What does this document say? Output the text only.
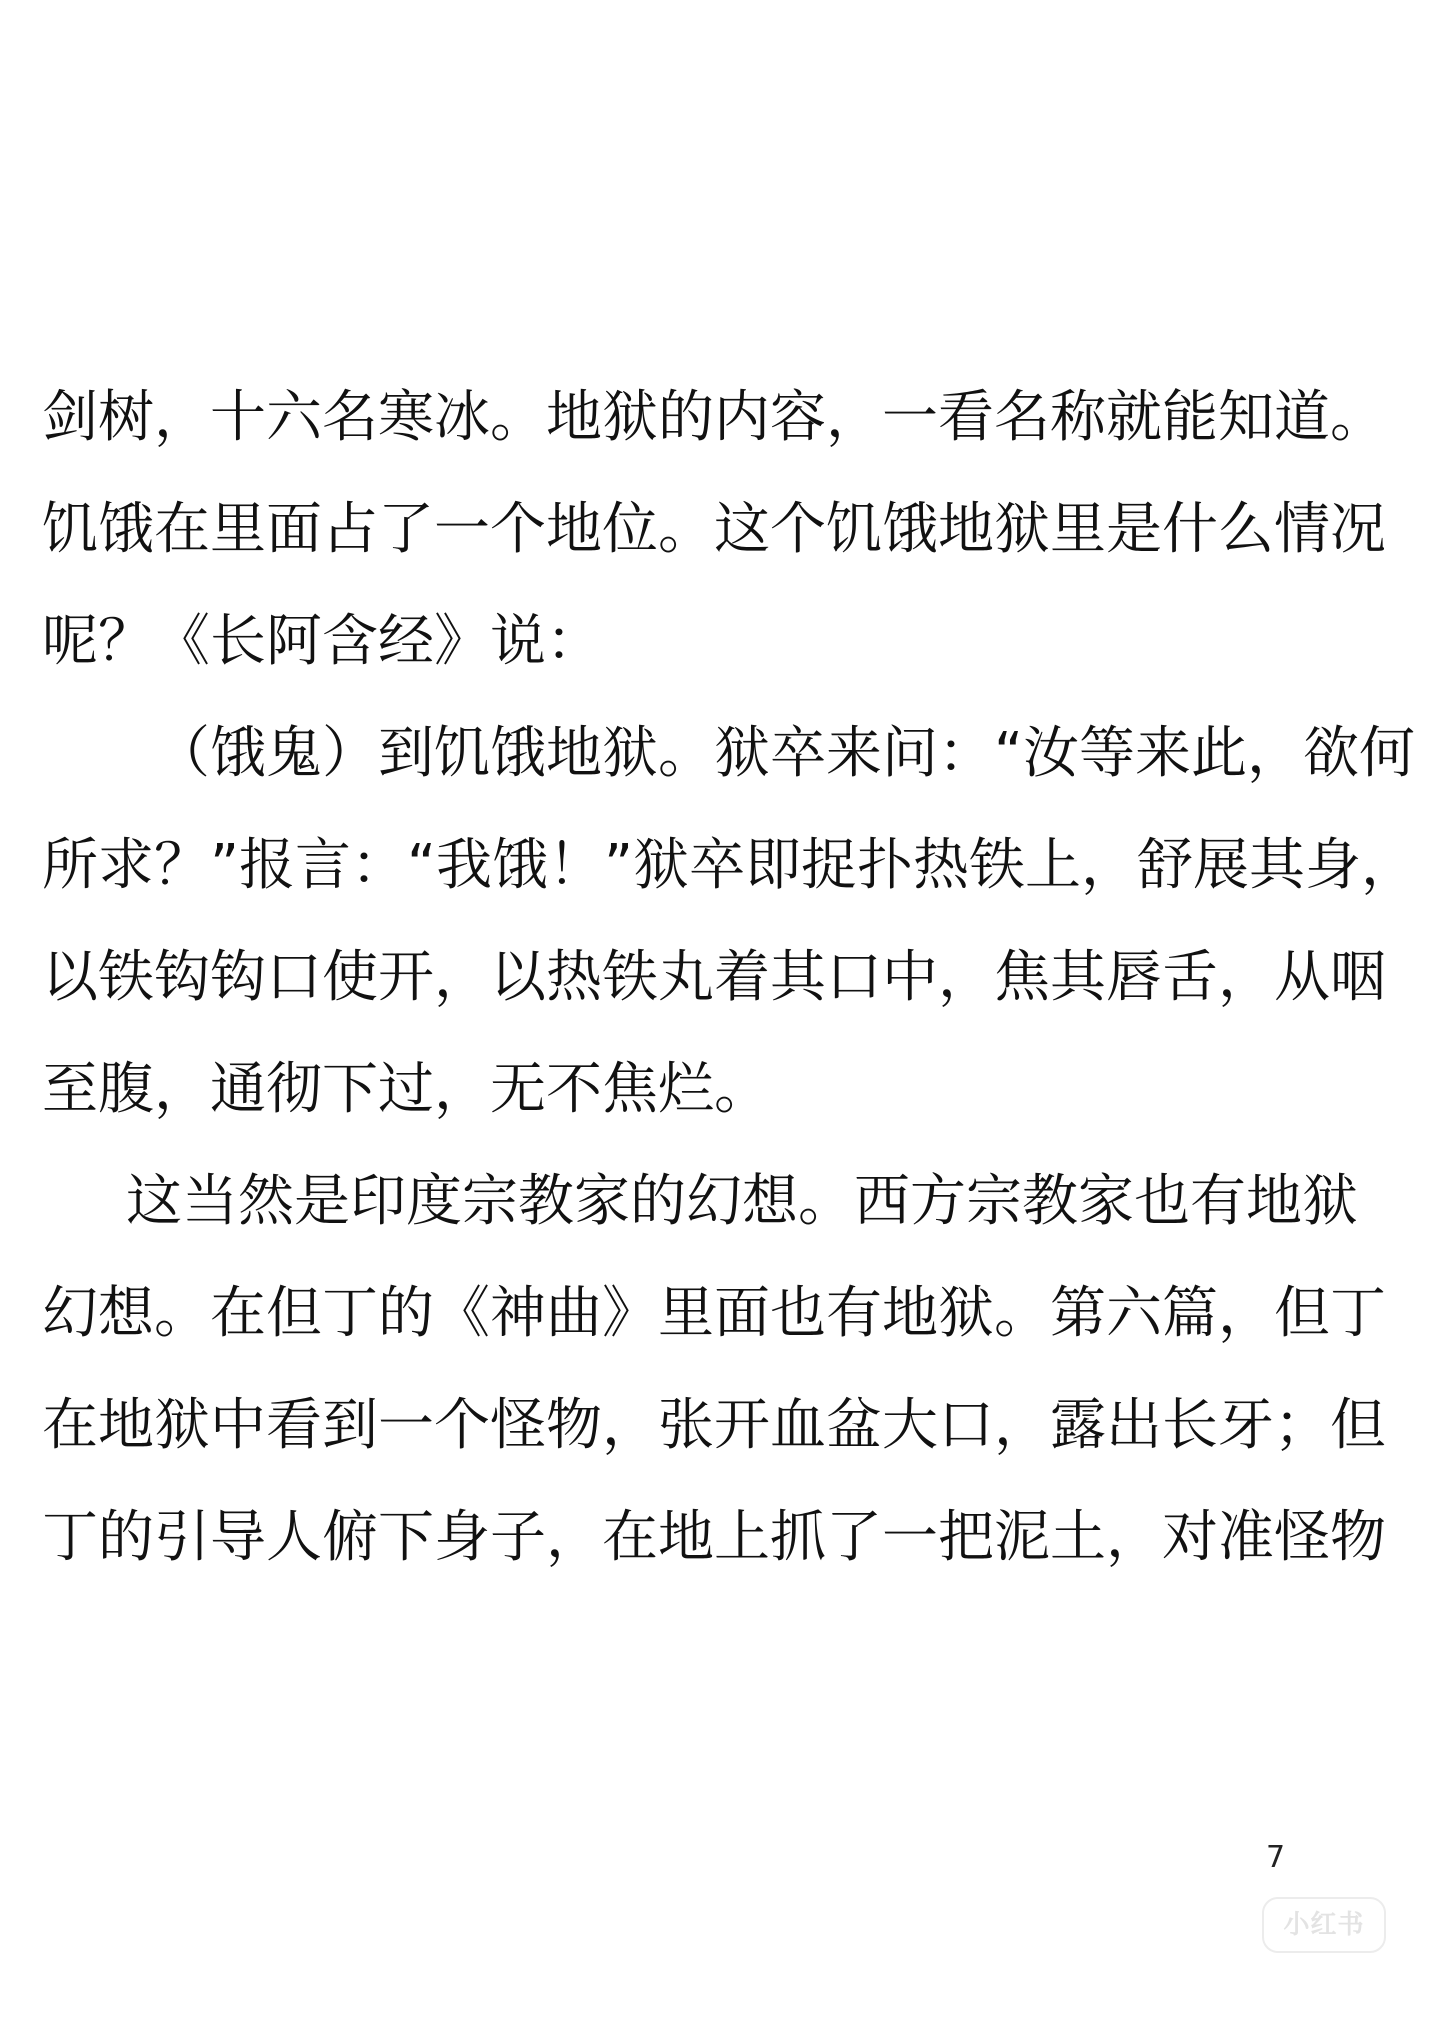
剑树，十六名寒冰。地狱的内容，一看名称就能知道。
饥饿在里面占了一个地位。这个饥饿地狱里是什么情况
呢？《长阿含经》说：
（饿鬼）到饥饿地狱。狱卒来问：“汝等来此，欲何
所求？”报言：“我饿！”狱卒即捉扑热铁上，舒展其身，
以铁钩钩口使开，以热铁丸着其口中，焦其唇舌，从咽
至腹，通彻下过，无不焦烂。
这当然是印度宗教家的幻想。西方宗教家也有地狱
幻想。在但丁的《神曲》里面也有地狱。第六篇，但丁
在地狱中看到一个怪物，张开血盆大口，露出长牙；但
丁的引导人俯下身子，在地上抓了一把泥土，对准怪物
7
小红书
